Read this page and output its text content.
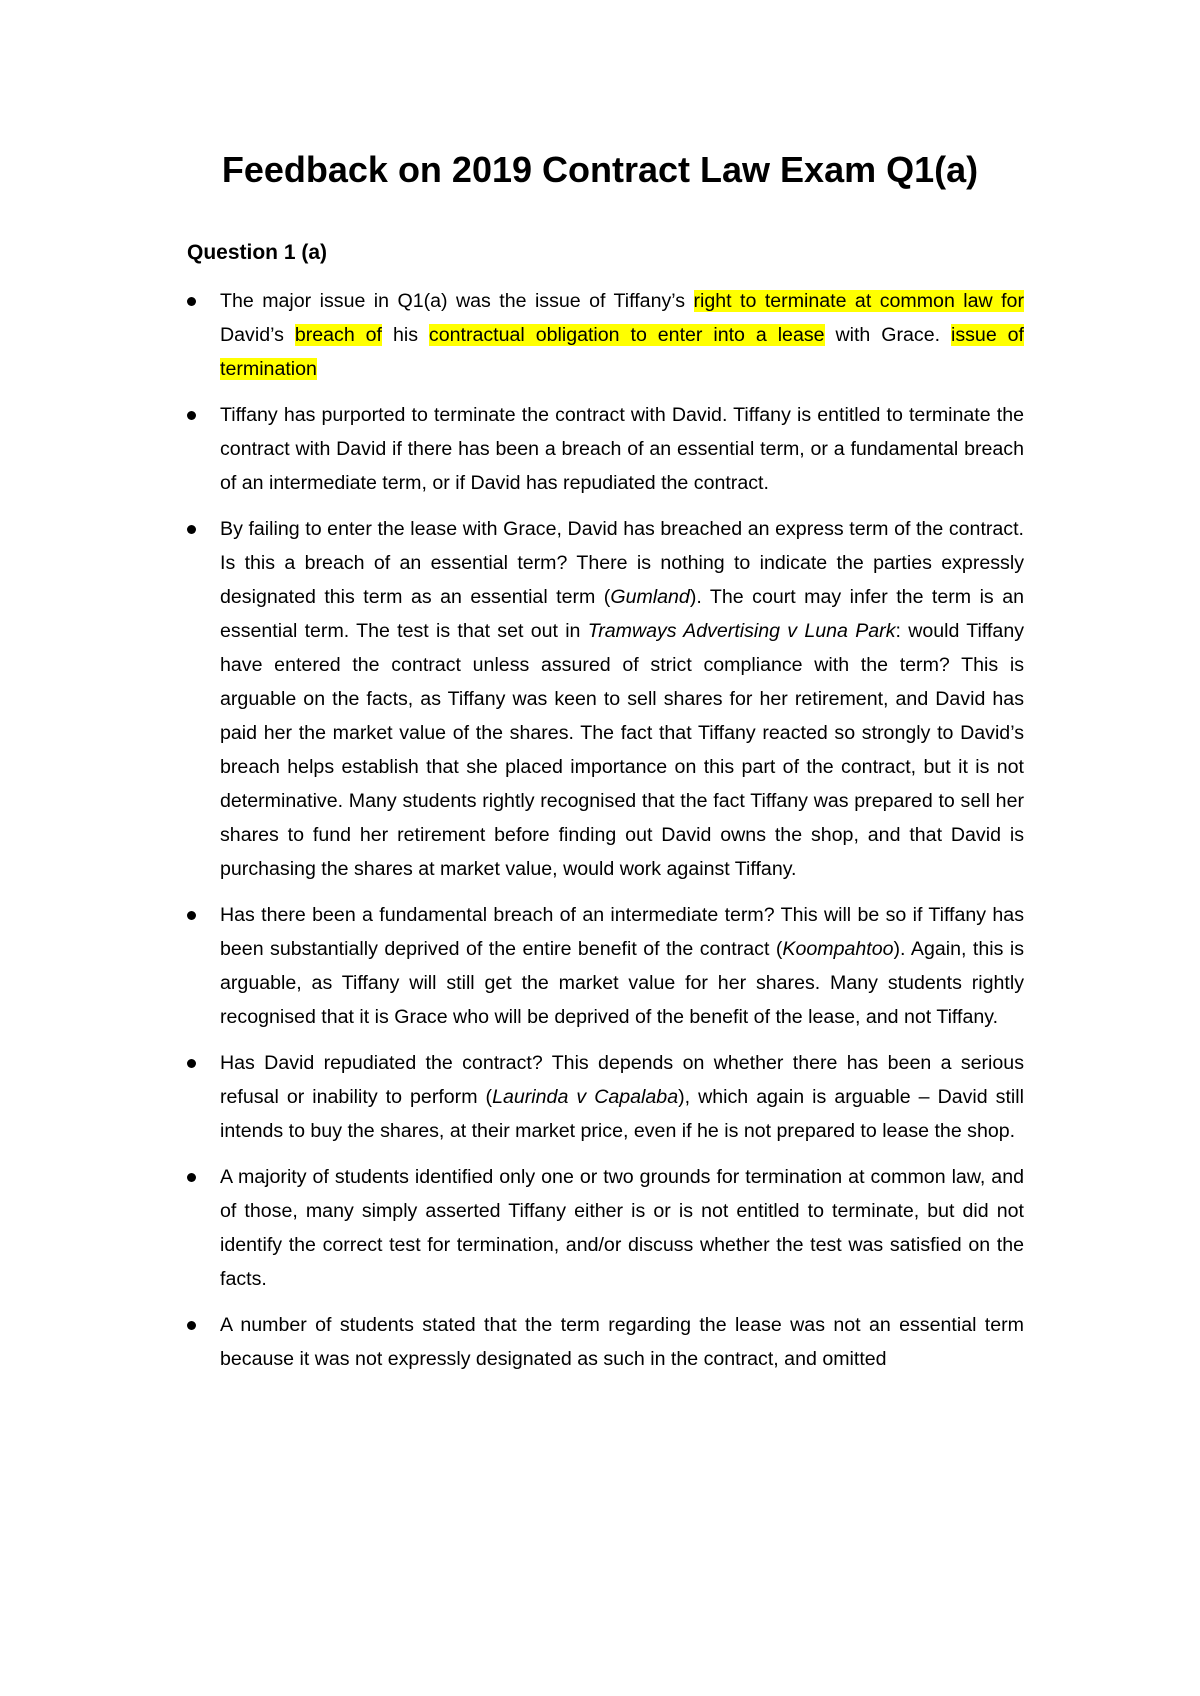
Feedback on 2019 Contract Law Exam Q1(a)
Question 1 (a)
The major issue in Q1(a) was the issue of Tiffany’s right to terminate at common law for David’s breach of his contractual obligation to enter into a lease with Grace. issue of termination
Tiffany has purported to terminate the contract with David. Tiffany is entitled to terminate the contract with David if there has been a breach of an essential term, or a fundamental breach of an intermediate term, or if David has repudiated the contract.
By failing to enter the lease with Grace, David has breached an express term of the contract. Is this a breach of an essential term? There is nothing to indicate the parties expressly designated this term as an essential term (Gumland). The court may infer the term is an essential term. The test is that set out in Tramways Advertising v Luna Park: would Tiffany have entered the contract unless assured of strict compliance with the term? This is arguable on the facts, as Tiffany was keen to sell shares for her retirement, and David has paid her the market value of the shares. The fact that Tiffany reacted so strongly to David’s breach helps establish that she placed importance on this part of the contract, but it is not determinative. Many students rightly recognised that the fact Tiffany was prepared to sell her shares to fund her retirement before finding out David owns the shop, and that David is purchasing the shares at market value, would work against Tiffany.
Has there been a fundamental breach of an intermediate term? This will be so if Tiffany has been substantially deprived of the entire benefit of the contract (Koompahtoo). Again, this is arguable, as Tiffany will still get the market value for her shares. Many students rightly recognised that it is Grace who will be deprived of the benefit of the lease, and not Tiffany.
Has David repudiated the contract? This depends on whether there has been a serious refusal or inability to perform (Laurinda v Capalaba), which again is arguable – David still intends to buy the shares, at their market price, even if he is not prepared to lease the shop.
A majority of students identified only one or two grounds for termination at common law, and of those, many simply asserted Tiffany either is or is not entitled to terminate, but did not identify the correct test for termination, and/or discuss whether the test was satisfied on the facts.
A number of students stated that the term regarding the lease was not an essential term because it was not expressly designated as such in the contract, and omitted
